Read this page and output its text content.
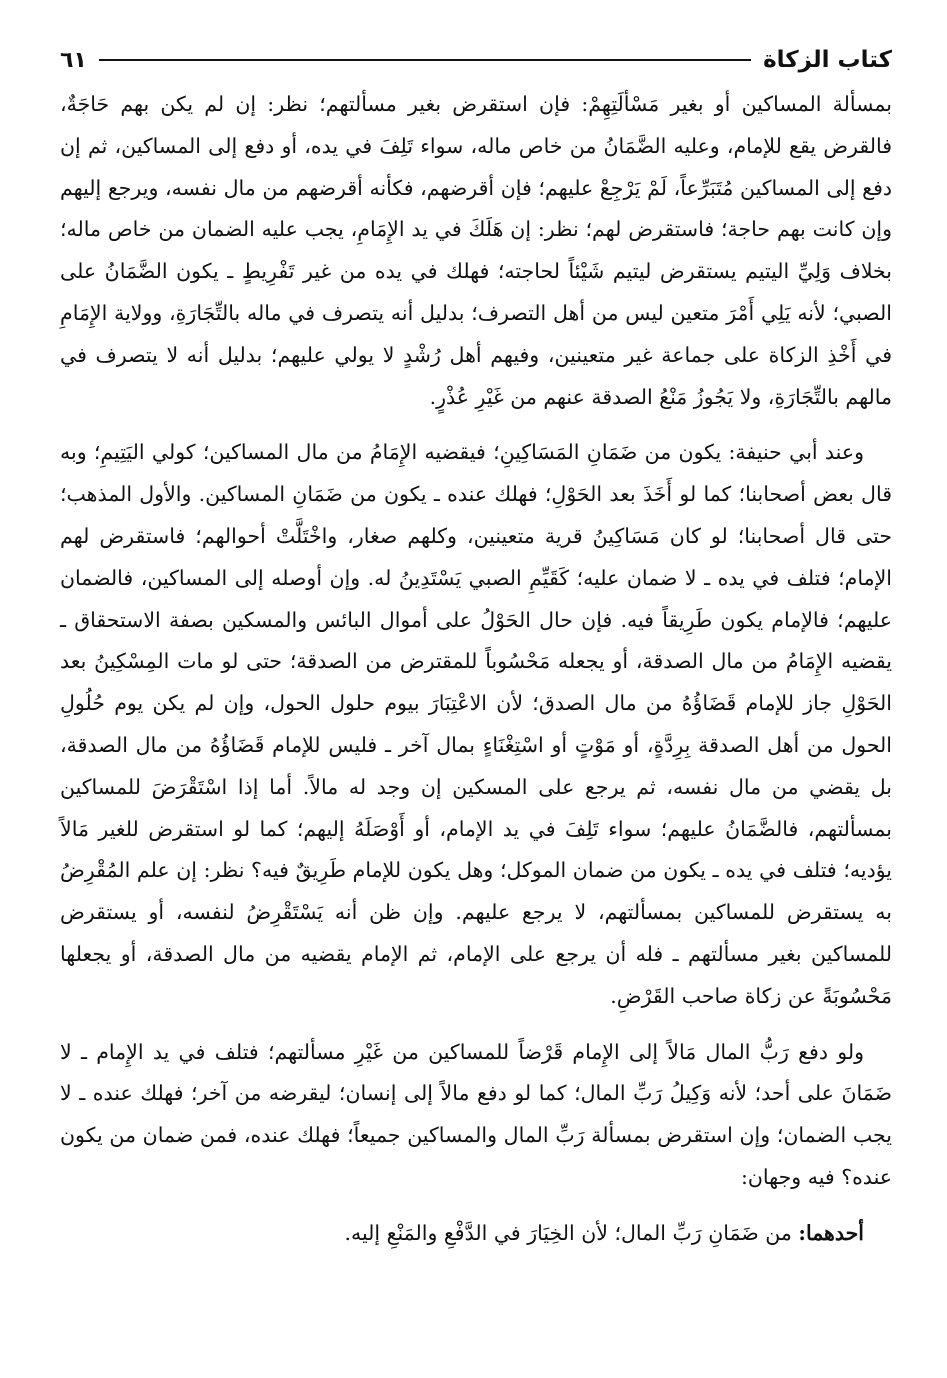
كتاب الزكاة
٦١

بمسألة المساكين أو بغير مَسْألَتِهِمْ: فإن استقرض بغير مسألتهم؛ نظر: إن لم يكن بهم حَاجَةٌ، فالقرض يقع للإمام، وعليه الضَّمَانُ من خاص ماله، سواء تَلِفَ في يده، أو دفع إلى المساكين، ثم إن دفع إلى المساكين مُتَبَرِّعاً، لَمْ يَرْجِعْ عليهم؛ فإن أقرضهم، فكأنه أقرضهم من مال نفسه، ويرجع إليهم وإن كانت بهم حاجة؛ فاستقرض لهم؛ نظر: إن هَلَكَ في يد الإِمَامِ، يجب عليه الضمان من خاص ماله؛ بخلاف وَلِيِّ اليتيم يستقرض ليتيم شَيْئاً لحاجته؛ فهلك في يده من غير تَفْرِيطٍ ـ يكون الضَّمَانُ على الصبي؛ لأنه يَلِي أَمْرَ متعين ليس من أهل التصرف؛ بدليل أنه يتصرف في ماله بالتِّجَارَةِ، وولاية الإِمَامِ في أَخْذِ الزكاة على جماعة غير متعينين، وفيهم أهل رُشْدٍ لا يولي عليهم؛ بدليل أنه لا يتصرف في مالهم بالتِّجَارَةِ، ولا يَجُوزُ مَنْعُ الصدقة عنهم من غَيْرِ عُذْرٍ.

وعند أبي حنيفة: يكون من ضَمَانِ المَسَاكِينِ؛ فيقضيه الإِمَامُ من مال المساكين؛ كولي اليَتِيمِ؛ وبه قال بعض أصحابنا؛ كما لو أَخَذَ بعد الحَوْلِ؛ فهلك عنده ـ يكون من ضَمَانِ المساكين. والأول المذهب؛ حتى قال أصحابنا؛ لو كان مَسَاكِينُ قرية متعينين، وكلهم صغار، واخْتَلَّتْ أحوالهم؛ فاستقرض لهم الإمام؛ فتلف في يده ـ لا ضمان عليه؛ كَقَيِّمِ الصبي يَسْتَدِينُ له. وإن أوصله إلى المساكين، فالضمان عليهم؛ فالإمام يكون طَرِيقاً فيه. فإن حال الحَوْلُ على أموال البائس والمسكين بصفة الاستحقاق ـ يقضيه الإِمَامُ من مال الصدقة، أو يجعله مَحْسُوباً للمقترض من الصدقة؛ حتى لو مات المِسْكِينُ بعد الحَوْلِ جاز للإمام قَضَاؤُهُ من مال الصدق؛ لأن الاعْتِبَارَ بيوم حلول الحول، وإن لم يكن يوم حُلُولِ الحول من أهل الصدقة بِرِدَّةٍ، أو مَوْتٍ أو اسْتِغْنَاءٍ بمال آخر ـ فليس للإمام قَضَاؤُهُ من مال الصدقة، بل يقضي من مال نفسه، ثم يرجع على المسكين إن وجد له مالاً. أما إذا اسْتَقْرَضَ للمساكين بمسألتهم، فالضَّمَانُ عليهم؛ سواء تَلِفَ في يد الإمام، أو أَوْصَلَهُ إليهم؛ كما لو استقرض للغير مَالاً يؤديه؛ فتلف في يده ـ يكون من ضمان الموكل؛ وهل يكون للإمام طَرِيقٌ فيه؟ نظر: إن علم المُقْرِضُ به يستقرض للمساكين بمسألتهم، لا يرجع عليهم. وإن ظن أنه يَسْتَقْرِضُ لنفسه، أو يستقرض للمساكين بغير مسألتهم ـ فله أن يرجع على الإمام، ثم الإمام يقضيه من مال الصدقة، أو يجعلها مَحْسُوبَةً عن زكاة صاحب القَرْضِ.

ولو دفع رَبُّ المال مَالاً إلى الإِمام قَرْضاً للمساكين من غَيْرِ مسألتهم؛ فتلف في يد الإِمام ـ لا ضَمَانَ على أحد؛ لأنه وَكِيلُ رَبِّ المال؛ كما لو دفع مالاً إلى إنسان؛ ليقرضه من آخر؛ فهلك عنده ـ لا يجب الضمان؛ وإن استقرض بمسألة رَبِّ المال والمساكين جميعاً؛ فهلك عنده، فمن ضمان من يكون عنده؟ فيه وجهان:

أحدهما: من ضَمَانِ رَبِّ المال؛ لأن الخِيَارَ في الدَّفْعِ والمَنْعِ إليه.
